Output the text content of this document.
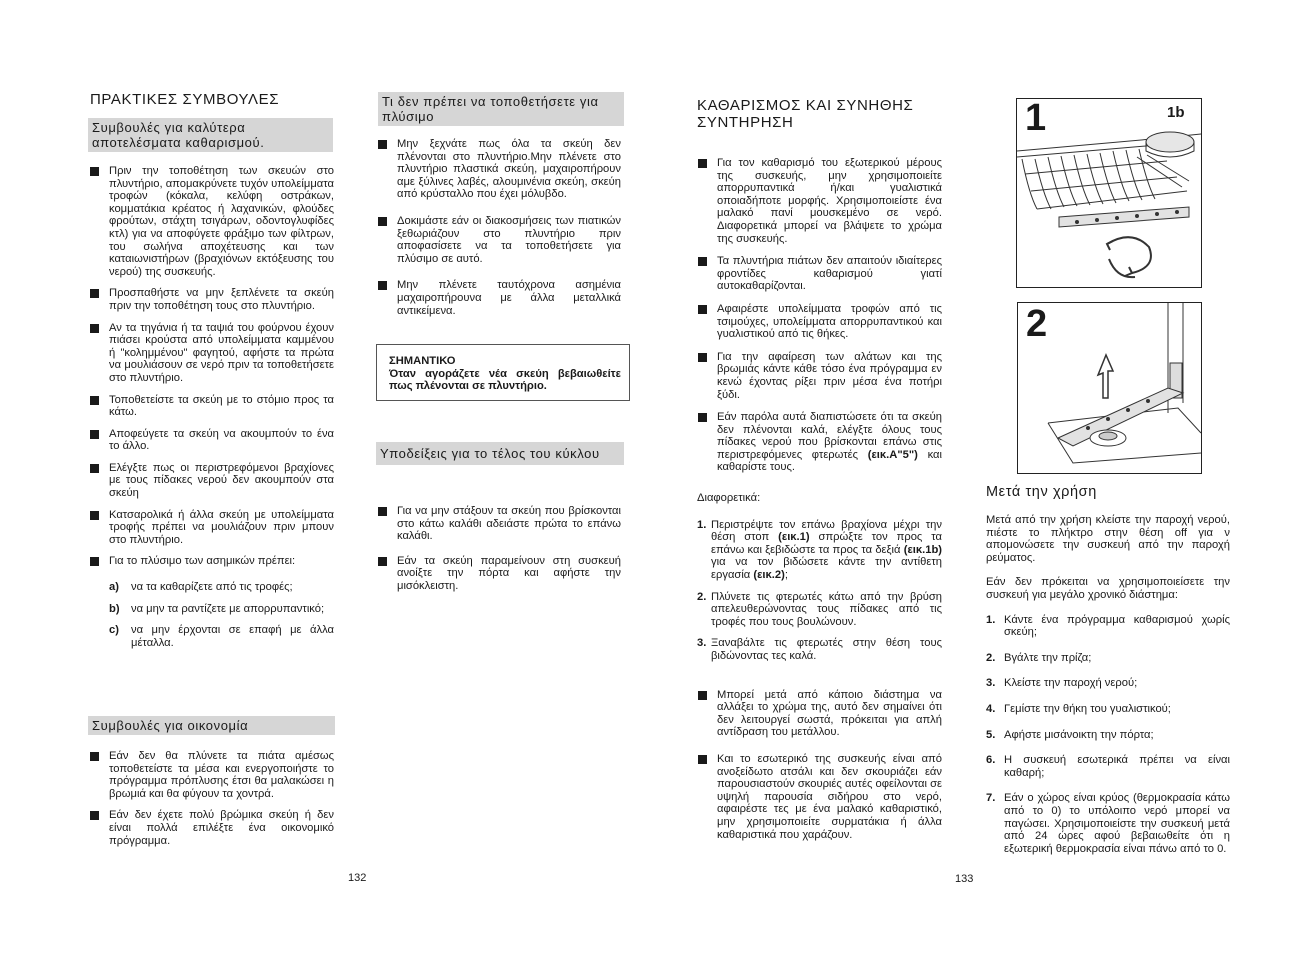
ΠΡΑΚΤΙΚΕΣ ΣΥΜΒΟΥΛΕΣ
Συμβουλές για καλύτερα αποτελέσματα καθαρισμού.
Πριν την τοποθέτηση των σκευών στο πλυντήριο, απομακρύνετε τυχόν υπολείμματα τροφών (κόκαλα, κελύφη οστράκων, κομματάκια κρέατος ή λαχανικών, φλούδες φρούτων, στάχτη τσιγάρων, οδοντογλυφίδες κτλ) για να αποφύγετε φράξιμο των φίλτρων, του σωλήνα αποχέτευσης και των καταιωνιστήρων (βραχιόνων εκτόξευσης του νερού) της συσκευής.
Προσπαθήστε να μην ξεπλένετε τα σκεύη πριν την τοποθέτηση τους στο πλυντήριο.
Αν τα τηγάνια ή τα ταψιά του φούρνου έχουν πιάσει κρούστα από υπολείμματα καμμένου ή "κολημμένου" φαγητού, αφήστε τα πρώτα να μουλιάσουν σε νερό πριν τα τοποθετήσετε στο πλυντήριο.
Τοποθετείστε τα σκεύη με το στόμιο προς τα κάτω.
Αποφεύγετε τα σκεύη να ακουμπούν το ένα το άλλο.
Ελέγξτε πως οι περιστρεφόμενοι βραχίονες με τους πίδακες νερού δεν ακουμπούν στα σκεύη
Κατσαρολικά ή άλλα σκεύη με υπολείμματα τροφής πρέπει να μουλιάζουν πριν μπουν στο πλυντήριο.
Για το πλύσιμο των ασημικών πρέπει:
a) να τα καθαρίζετε από τις τροφές;
b) να μην τα ραντίζετε με απορρυπαντικό;
c) να μην έρχονται σε επαφή με άλλα μέταλλα.
Συμβουλές για οικονομία
Εάν δεν θα πλύνετε τα πιάτα αμέσως τοποθετείστε τα μέσα και ενεργοποιήστε το πρόγραμμα πρόπλυσης έτσι θα μαλακώσει η βρωμιά και θα φύγουν τα χοντρά.
Εάν δεν έχετε πολύ βρώμικα σκεύη ή δεν είναι πολλά επιλέξτε ένα οικονομικό πρόγραμμα.
132
Τι δεν πρέπει να τοποθετήσετε για πλύσιμο
Μην ξεχνάτε πως όλα τα σκεύη δεν πλένονται στο πλυντήριο.Μην πλένετε στο πλυντήριο πλαστικά σκεύη, μαχαιροπήρουν αμε ξύλινες λαβές, αλουμινένια σκεύη, σκεύη από κρύσταλλο που έχει μόλυβδο.
Δοκιμάστε εάν οι διακοσμήσεις των πιατικών ξεθωριάζουν στο πλυντήριο πριν αποφασίσετε να τα τοποθετήσετε για πλύσιμο σε αυτό.
Μην πλένετε ταυτόχρονα ασημένια μαχαιροπήρουνα με άλλα μεταλλικά αντικείμενα.
ΣΗΜΑΝΤΙΚΟ
Όταν αγοράζετε νέα σκεύη βεβαιωθείτε πως πλένονται σε πλυντήριο.
Υποδείξεις για το τέλος του κύκλου
Για να μην στάξουν τα σκεύη που βρίσκονται στο κάτω καλάθι αδειάστε πρώτα το επάνω καλάθι.
Εάν τα σκεύη παραμείνουν στη συσκευή ανοίξτε την πόρτα και αφήστε την μισόκλειστη.
ΚΑΘΑΡΙΣΜΟΣ ΚΑΙ ΣΥΝΗΘΗΣ ΣΥΝΤΗΡΗΣΗ
Για τον καθαρισμό του εξωτερικού μέρους της συσκευής, μην χρησιμοποιείτε απορρυπαντικά ή/και γυαλιστικά οποιαδήποτε μορφής. Χρησιμοποιείστε ένα μαλακό πανί μουσκεμένο σε νερό. Διαφορετικά μπορεί να βλάψετε το χρώμα της συσκευής.
Τα πλυντήρια πιάτων δεν απαιτούν ιδιαίτερες φροντίδες καθαρισμού γιατί αυτοκαθαρίζονται.
Αφαιρέστε υπολείμματα τροφών από τις τσιμούχες, υπολείμματα απορρυπαντικού και γυαλιστικού από τις θήκες.
Για την αφαίρεση των αλάτων και της βρωμιάς κάντε κάθε τόσο ένα πρόγραμμα εν κενώ έχοντας ρίξει πριν μέσα ένα ποτήρι ξύδι.
Εάν παρόλα αυτά διαπιστώσετε ότι τα σκεύη δεν πλένονται καλά, ελέγξτε όλους τους πίδακες νερού που βρίσκονται επάνω στις περιστρεφόμενες φτερωτές (εικ.A"5") και καθαρίστε τους.

Διαφορετικά:

1. Περιστρέψτε τον επάνω βραχίονα μέχρι την θέση στοπ (εικ.1) σπρώξτε τον προς τα επάνω και ξεβιδώστε τα προς τα δεξιά (εικ.1b) για να τον βιδώσετε κάντε την αντίθετη εργασία (εικ.2);
2. Πλύνετε τις φτερωτές κάτω από την βρύση απελευθερώνοντας τους πίδακες από τις τροφές που τους βουλώνουν.
3. Ξαναβάλτε τις φτερωτές στην θέση τους βιδώνοντας τες καλά.
Μπορεί μετά από κάποιο διάστημα να αλλάξει το χρώμα της, αυτό δεν σημαίνει ότι δεν λειτουργεί σωστά, πρόκειται για απλή αντίδραση του μετάλλου.
Και το εσωτερικό της συσκευής είναι από ανοξείδωτο ατσάλι και δεν σκουριάζει εάν παρουσιαστούν σκουριές αυτές οφείλονται σε υψηλή παρουσία σιδήρου στο νερό, αφαιρέστε τες με ένα μαλακό καθαριστικό, μην χρησιμοποιείτε συρματάκια ή άλλα καθαριστικά που χαράζουν.
133
1	1b
2
Μετά την χρήση

Μετά από την χρήση κλείστε την παροχή νερού, πιέστε το πλήκτρο στην θέση off για ν απομονώσετε την συσκευή από την παροχή ρεύματος.

Εάν δεν πρόκειται να χρησιμοποιείσετε την συσκευή για μεγάλο χρονικό διάστημα:

1. Κάντε ένα πρόγραμμα καθαρισμού χωρίς σκεύη;
2. Βγάλτε την πρίζα;
3. Κλείστε την παροχή νερού;
4. Γεμίστε την θήκη του γυαλιστικού;
5. Αφήστε μισάνοικτη την πόρτα;
6. Η συσκευή εσωτερικά πρέπει να είναι καθαρή;
7. Εάν ο χώρος είναι κρύος (θερμοκρασία κάτω από το 0) το υπόλοιπο νερό μπορεί να παγώσει. Χρησιμοποιείστε την συσκευή μετά από 24 ώρες αφού βεβαιωθείτε ότι η εξωτερική θερμοκρασία είναι πάνω από το 0.
